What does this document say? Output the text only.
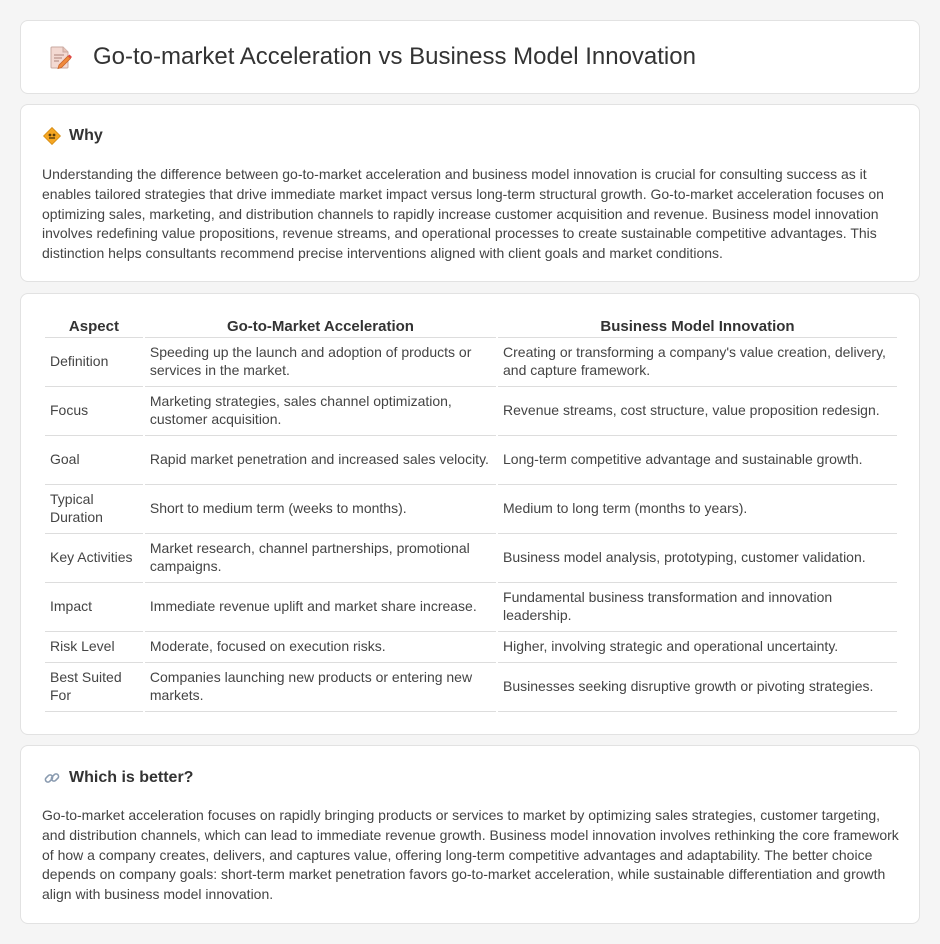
Go-to-market Acceleration vs Business Model Innovation
Why

Understanding the difference between go-to-market acceleration and business model innovation is crucial for consulting success as it enables tailored strategies that drive immediate market impact versus long-term structural growth. Go-to-market acceleration focuses on optimizing sales, marketing, and distribution channels to rapidly increase customer acquisition and revenue. Business model innovation involves redefining value propositions, revenue streams, and operational processes to create sustainable competitive advantages. This distinction helps consultants recommend precise interventions aligned with client goals and market conditions.

Aspect	Go-to-Market Acceleration	Business Model Innovation
Definition	Speeding up the launch and adoption of products or services in the market.	Creating or transforming a company's value creation, delivery, and capture framework.
Focus	Marketing strategies, sales channel optimization, customer acquisition.	Revenue streams, cost structure, value proposition redesign.
Goal	Rapid market penetration and increased sales velocity.	Long-term competitive advantage and sustainable growth.
Typical Duration	Short to medium term (weeks to months).	Medium to long term (months to years).
Key Activities	Market research, channel partnerships, promotional campaigns.	Business model analysis, prototyping, customer validation.
Impact	Immediate revenue uplift and market share increase.	Fundamental business transformation and innovation leadership.
Risk Level	Moderate, focused on execution risks.	Higher, involving strategic and operational uncertainty.
Best Suited For	Companies launching new products or entering new markets.	Businesses seeking disruptive growth or pivoting strategies.
Which is better?

Go-to-market acceleration focuses on rapidly bringing products or services to market by optimizing sales strategies, customer targeting, and distribution channels, which can lead to immediate revenue growth. Business model innovation involves rethinking the core framework of how a company creates, delivers, and captures value, offering long-term competitive advantages and adaptability. The better choice depends on company goals: short-term market penetration favors go-to-market acceleration, while sustainable differentiation and growth align with business model innovation.
